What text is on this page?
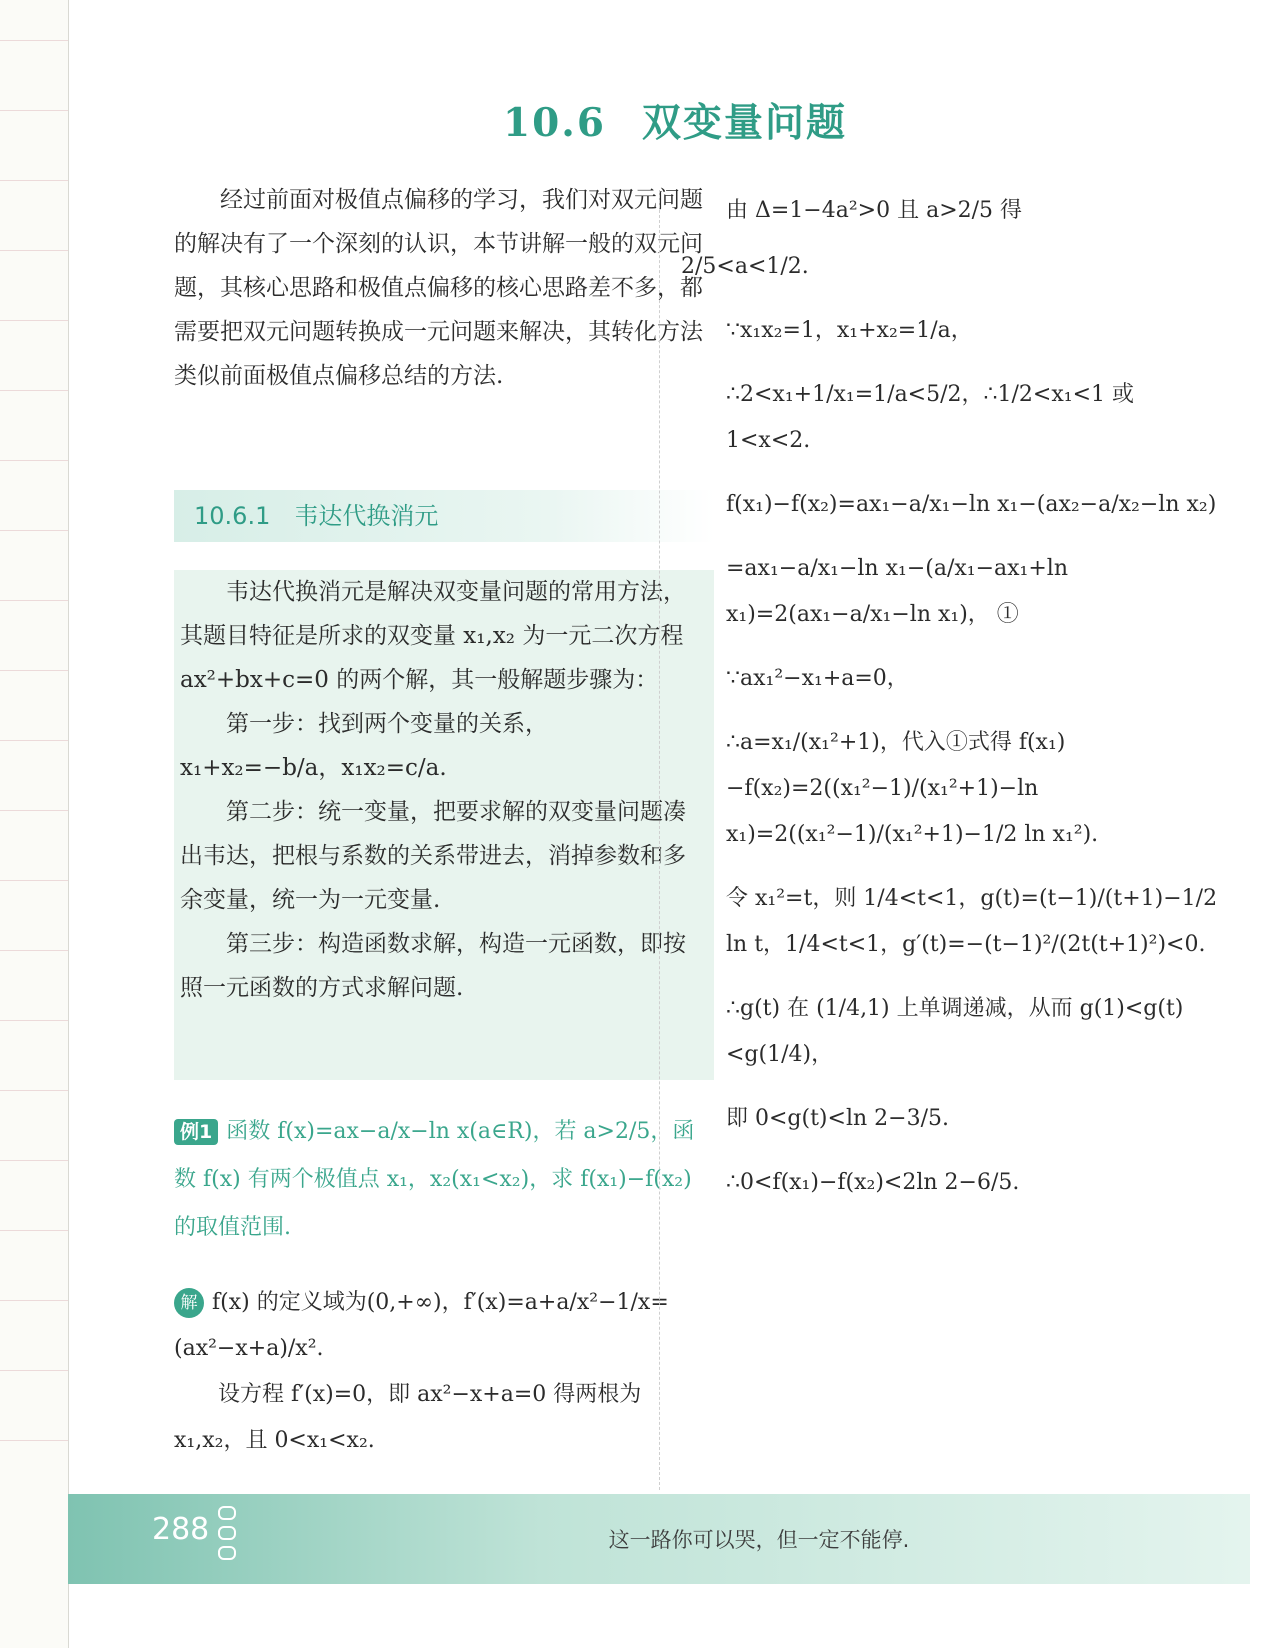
10.6 双变量问题

经过前面对极值点偏移的学习，我们对双元问题的解决有了一个深刻的认识，本节讲解一般的双元问题，其核心思路和极值点偏移的核心思路差不多，都需要把双元问题转换成一元问题来解决，其转化方法类似前面极值点偏移总结的方法.

10.6.1 韦达代换消元

韦达代换消元是解决双变量问题的常用方法，其题目特征是所求的双变量 x₁,x₂ 为一元二次方程 ax²+bx+c=0 的两个解，其一般解题步骤为：

第一步：找到两个变量的关系，x₁+x₂=−b/a，x₁x₂=c/a.

第二步：统一变量，把要求解的双变量问题凑出韦达，把根与系数的关系带进去，消掉参数和多余变量，统一为一元变量.

第三步：构造函数求解，构造一元函数，即按照一元函数的方式求解问题.

例1 函数 f(x)=ax−a/x−ln x(a∈R)，若 a>2/5，函数 f(x) 有两个极值点 x₁，x₂(x₁<x₂)，求 f(x₁)−f(x₂) 的取值范围.

解 f(x) 的定义域为(0,+∞)，f′(x)=a+a/x²−1/x=(ax²−x+a)/x².

设方程 f′(x)=0，即 ax²−x+a=0 得两根为 x₁,x₂，且 0<x₁<x₂.

由 Δ=1−4a²>0 且 a>2/5 得

2/5<a<1/2.

∵x₁x₂=1，x₁+x₂=1/a，

∴2<x₁+1/x₁=1/a<5/2，∴1/2<x₁<1 或 1<x<2.

f(x₁)−f(x₂)=ax₁−a/x₁−ln x₁−(ax₂−a/x₂−ln x₂)

=ax₁−a/x₁−ln x₁−(a/x₁−ax₁+ln x₁)=2(ax₁−a/x₁−ln x₁)， ①

∵ax₁²−x₁+a=0，

∴a=x₁/(x₁²+1)，代入①式得 f(x₁)−f(x₂)=2((x₁²−1)/(x₁²+1)−ln x₁)=2((x₁²−1)/(x₁²+1)−1/2 ln x₁²).

令 x₁²=t，则 1/4<t<1，g(t)=(t−1)/(t+1)−1/2 ln t，1/4<t<1，g′(t)=−(t−1)²/(2t(t+1)²)<0.

∴g(t) 在 (1/4,1) 上单调递减，从而 g(1)<g(t)<g(1/4)，

即 0<g(t)<ln 2−3/5.

∴0<f(x₁)−f(x₂)<2ln 2−6/5.

288	这一路你可以哭，但一定不能停.
